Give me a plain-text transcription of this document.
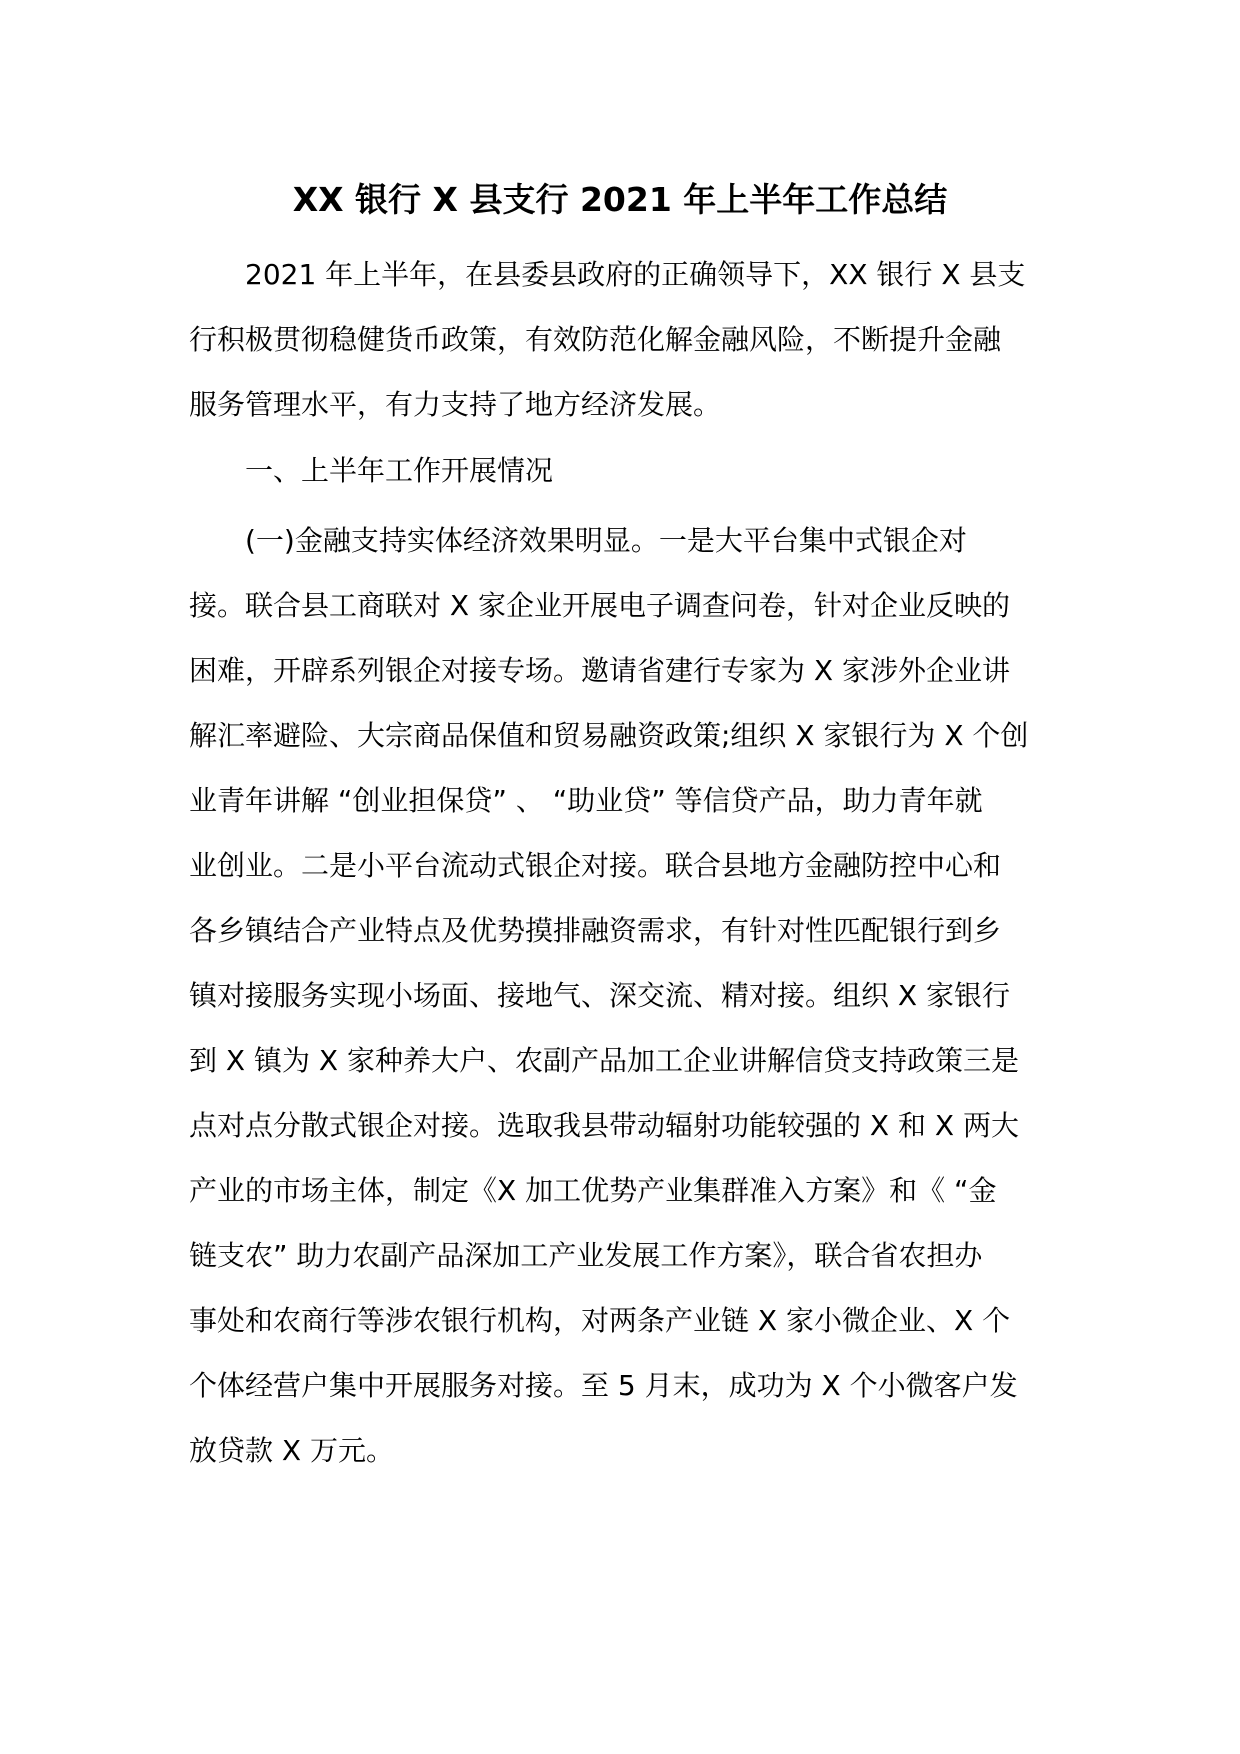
XX 银行 X 县支行 2021 年上半年工作总结
2021 年上半年，在县委县政府的正确领导下，XX 银行 X 县支
行积极贯彻稳健货币政策，有效防范化解金融风险，不断提升金融
服务管理水平，有力支持了地方经济发展。
一、上半年工作开展情况
(一)金融支持实体经济效果明显。一是大平台集中式银企对
接。联合县工商联对 X 家企业开展电子调查问卷，针对企业反映的
困难，开辟系列银企对接专场。邀请省建行专家为 X 家涉外企业讲
解汇率避险、大宗商品保值和贸易融资政策;组织 X 家银行为 X 个创
业青年讲解 “创业担保贷” 、 “助业贷” 等信贷产品，助力青年就
业创业。二是小平台流动式银企对接。联合县地方金融防控中心和
各乡镇结合产业特点及优势摸排融资需求，有针对性匹配银行到乡
镇对接服务实现小场面、接地气、深交流、精对接。组织 X 家银行
到 X 镇为 X 家种养大户、农副产品加工企业讲解信贷支持政策三是
点对点分散式银企对接。选取我县带动辐射功能较强的 X 和 X 两大
产业的市场主体，制定《X 加工优势产业集群准入方案》和《 “金
链支农” 助力农副产品深加工产业发展工作方案》，联合省农担办
事处和农商行等涉农银行机构，对两条产业链 X 家小微企业、X 个
个体经营户集中开展服务对接。至 5 月末，成功为 X 个小微客户发
放贷款 X 万元。
